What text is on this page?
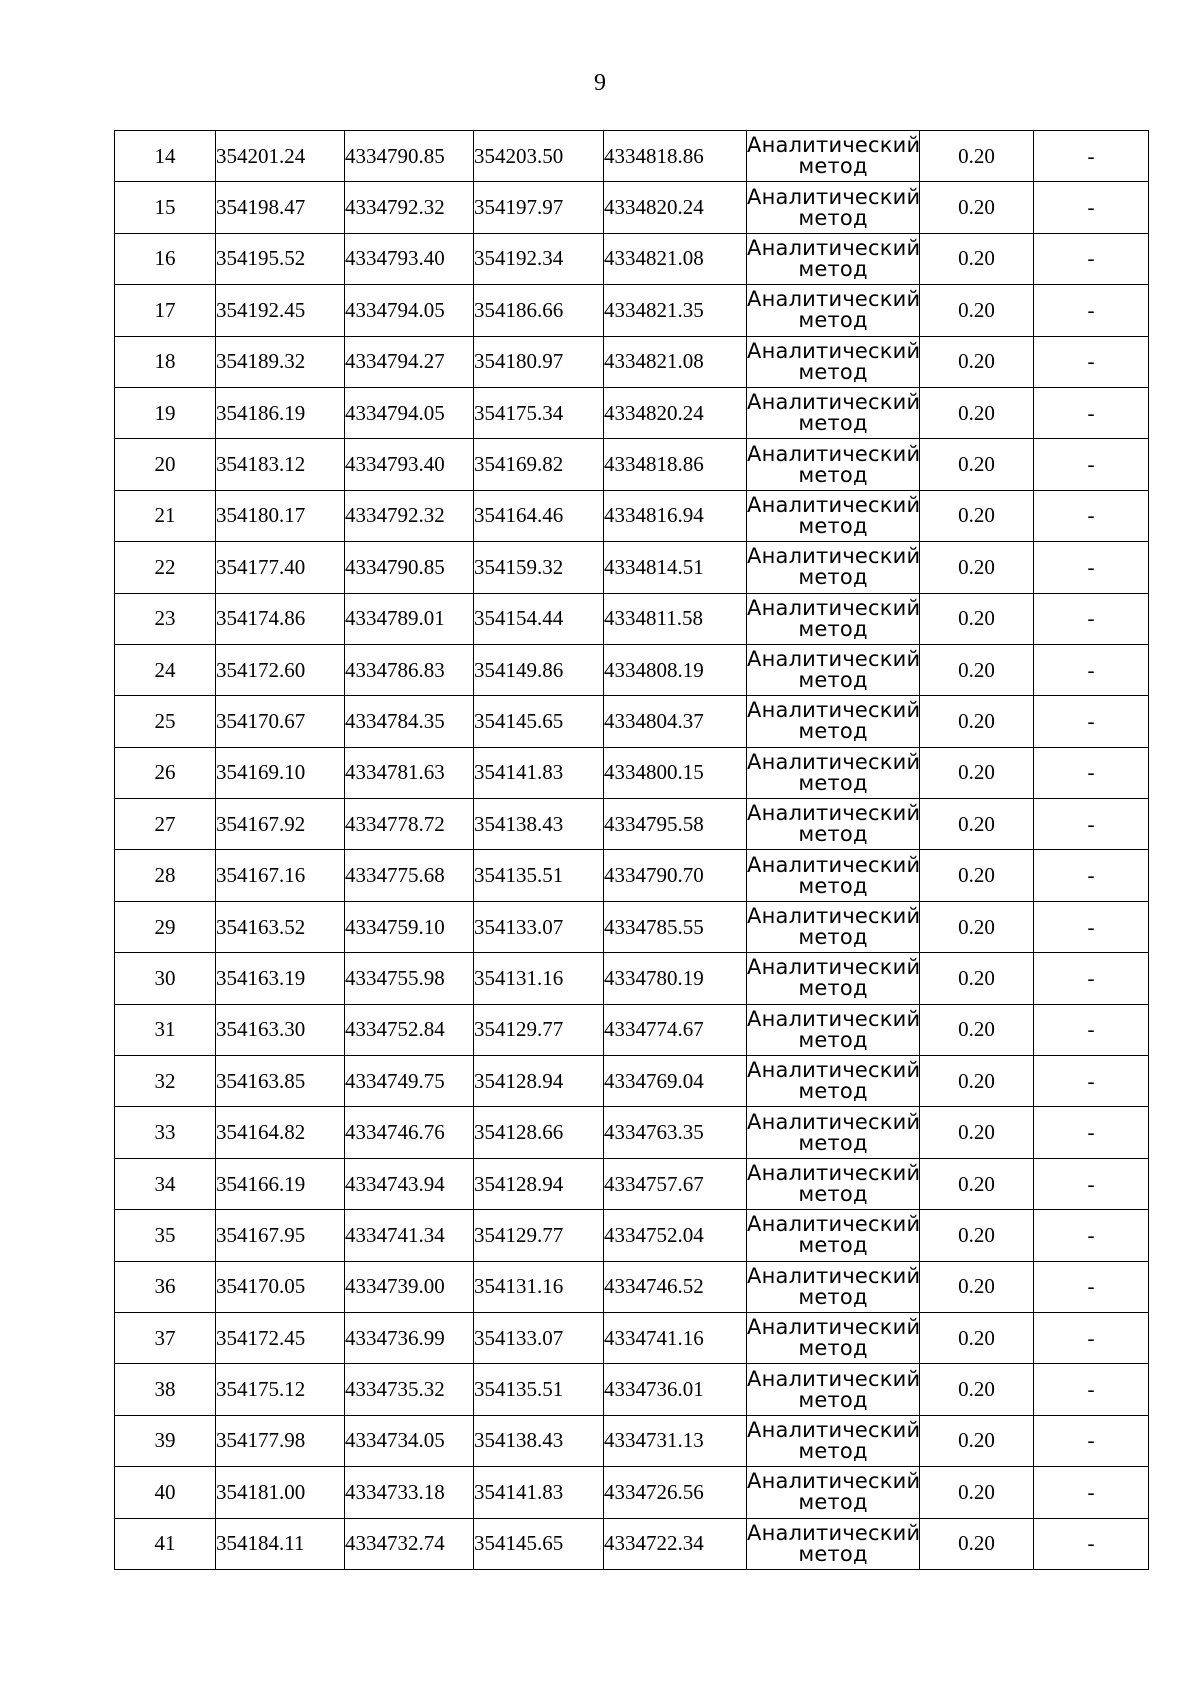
9
14	354201.24	4334790.85	354203.50	4334818.86	Аналитический
метод	0.20	-
15	354198.47	4334792.32	354197.97	4334820.24	Аналитический
метод	0.20	-
16	354195.52	4334793.40	354192.34	4334821.08	Аналитический
метод	0.20	-
17	354192.45	4334794.05	354186.66	4334821.35	Аналитический
метод	0.20	-
18	354189.32	4334794.27	354180.97	4334821.08	Аналитический
метод	0.20	-
19	354186.19	4334794.05	354175.34	4334820.24	Аналитический
метод	0.20	-
20	354183.12	4334793.40	354169.82	4334818.86	Аналитический
метод	0.20	-
21	354180.17	4334792.32	354164.46	4334816.94	Аналитический
метод	0.20	-
22	354177.40	4334790.85	354159.32	4334814.51	Аналитический
метод	0.20	-
23	354174.86	4334789.01	354154.44	4334811.58	Аналитический
метод	0.20	-
24	354172.60	4334786.83	354149.86	4334808.19	Аналитический
метод	0.20	-
25	354170.67	4334784.35	354145.65	4334804.37	Аналитический
метод	0.20	-
26	354169.10	4334781.63	354141.83	4334800.15	Аналитический
метод	0.20	-
27	354167.92	4334778.72	354138.43	4334795.58	Аналитический
метод	0.20	-
28	354167.16	4334775.68	354135.51	4334790.70	Аналитический
метод	0.20	-
29	354163.52	4334759.10	354133.07	4334785.55	Аналитический
метод	0.20	-
30	354163.19	4334755.98	354131.16	4334780.19	Аналитический
метод	0.20	-
31	354163.30	4334752.84	354129.77	4334774.67	Аналитический
метод	0.20	-
32	354163.85	4334749.75	354128.94	4334769.04	Аналитический
метод	0.20	-
33	354164.82	4334746.76	354128.66	4334763.35	Аналитический
метод	0.20	-
34	354166.19	4334743.94	354128.94	4334757.67	Аналитический
метод	0.20	-
35	354167.95	4334741.34	354129.77	4334752.04	Аналитический
метод	0.20	-
36	354170.05	4334739.00	354131.16	4334746.52	Аналитический
метод	0.20	-
37	354172.45	4334736.99	354133.07	4334741.16	Аналитический
метод	0.20	-
38	354175.12	4334735.32	354135.51	4334736.01	Аналитический
метод	0.20	-
39	354177.98	4334734.05	354138.43	4334731.13	Аналитический
метод	0.20	-
40	354181.00	4334733.18	354141.83	4334726.56	Аналитический
метод	0.20	-
41	354184.11	4334732.74	354145.65	4334722.34	Аналитический
метод	0.20	-
